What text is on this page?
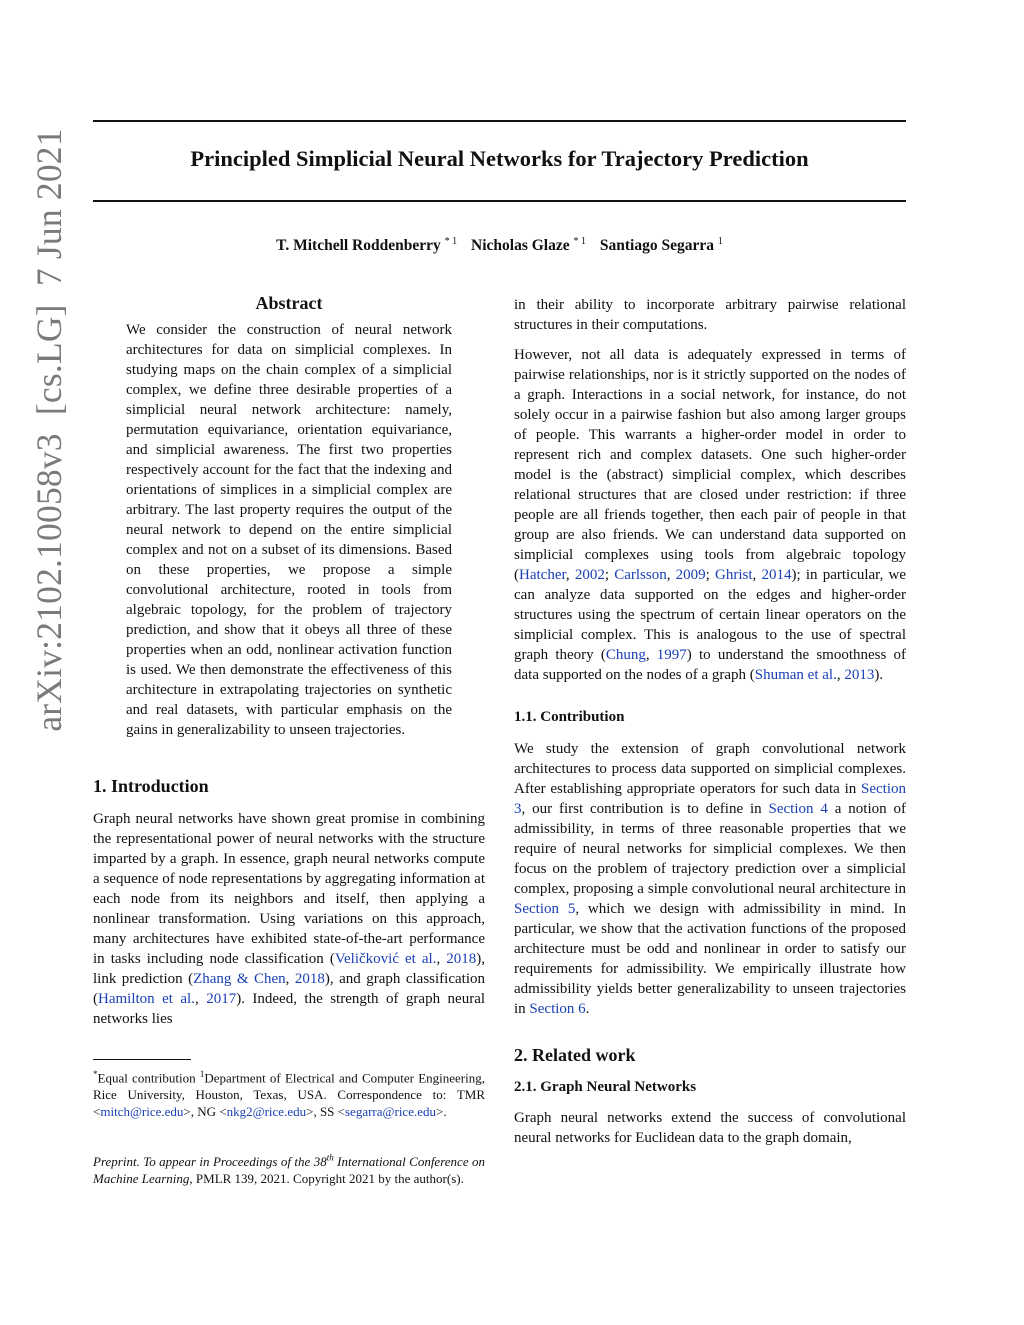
Principled Simplicial Neural Networks for Trajectory Prediction
T. Mitchell Roddenberry $^{* 1}$ Nicholas Glaze $^{* 1}$ Santiago Segarra $^1$
arXiv:2102.10058v3  [cs.LG]  7 Jun 2021	Abstract

We consider the construction of neural network architectures for data on simplicial complexes. In studying maps on the chain complex of a simplicial complex, we define three desirable properties of a simplicial neural network architecture: namely, permutation equivariance, orientation equivariance, and simplicial awareness. The first two properties respectively account for the fact that the indexing and orientations of simplices in a simplicial complex are arbitrary. The last property requires the output of the neural network to depend on the entire simplicial complex and not on a subset of its dimensions. Based on these properties, we propose a simple convolutional architecture, rooted in tools from algebraic topology, for the problem of trajectory prediction, and show that it obeys all three of these properties when an odd, nonlinear activation function is used. We then demonstrate the effectiveness of this architecture in extrapolating trajectories on synthetic and real datasets, with particular emphasis on the gains in generalizability to unseen trajectories.

1. Introduction

Graph neural networks have shown great promise in combining the representational power of neural networks with the structure imparted by a graph. In essence, graph neural networks compute a sequence of node representations by aggregating information at each node from its neighbors and itself, then applying a nonlinear transformation. Using variations on this approach, many architectures have exhibited state-of-the-art performance in tasks including node classification (Veličković et al., 2018), link prediction (Zhang & Chen, 2018), and graph classification (Hamilton et al., 2017). Indeed, the strength of graph neural networks lies

*Equal contribution $^1$Department of Electrical and Computer Engineering, Rice University, Houston, Texas, USA. Correspondence to: TMR <mitch@rice.edu>, NG <nkg2@rice.edu>, SS <segarra@rice.edu>.
Preprint. To appear in Proceedings of the 38th International Conference on Machine Learning, PMLR 139, 2021. Copyright 2021 by the author(s).

in their ability to incorporate arbitrary pairwise relational structures in their computations.

However, not all data is adequately expressed in terms of pairwise relationships, nor is it strictly supported on the nodes of a graph. Interactions in a social network, for instance, do not solely occur in a pairwise fashion but also among larger groups of people. This warrants a higher-order model in order to represent rich and complex datasets. One such higher-order model is the (abstract) simplicial complex, which describes relational structures that are closed under restriction: if three people are all friends together, then each pair of people in that group are also friends. We can understand data supported on simplicial complexes using tools from algebraic topology (Hatcher, 2002; Carlsson, 2009; Ghrist, 2014); in particular, we can analyze data supported on the edges and higher-order structures using the spectrum of certain linear operators on the simplicial complex. This is analogous to the use of spectral graph theory (Chung, 1997) to understand the smoothness of data supported on the nodes of a graph (Shuman et al., 2013).

1.1. Contribution

We study the extension of graph convolutional network architectures to process data supported on simplicial complexes. After establishing appropriate operators for such data in Section 3, our first contribution is to define in Section 4 a notion of admissibility, in terms of three reasonable properties that we require of neural networks for simplicial complexes. We then focus on the problem of trajectory prediction over a simplicial complex, proposing a simple convolutional neural architecture in Section 5, which we design with admissibility in mind. In particular, we show that the activation functions of the proposed architecture must be odd and nonlinear in order to satisfy our requirements for admissibility. We empirically illustrate how admissibility yields better generalizability to unseen trajectories in Section 6.

2. Related work
2.1. Graph Neural Networks

Graph neural networks extend the success of convolutional neural networks for Euclidean data to the graph domain,
